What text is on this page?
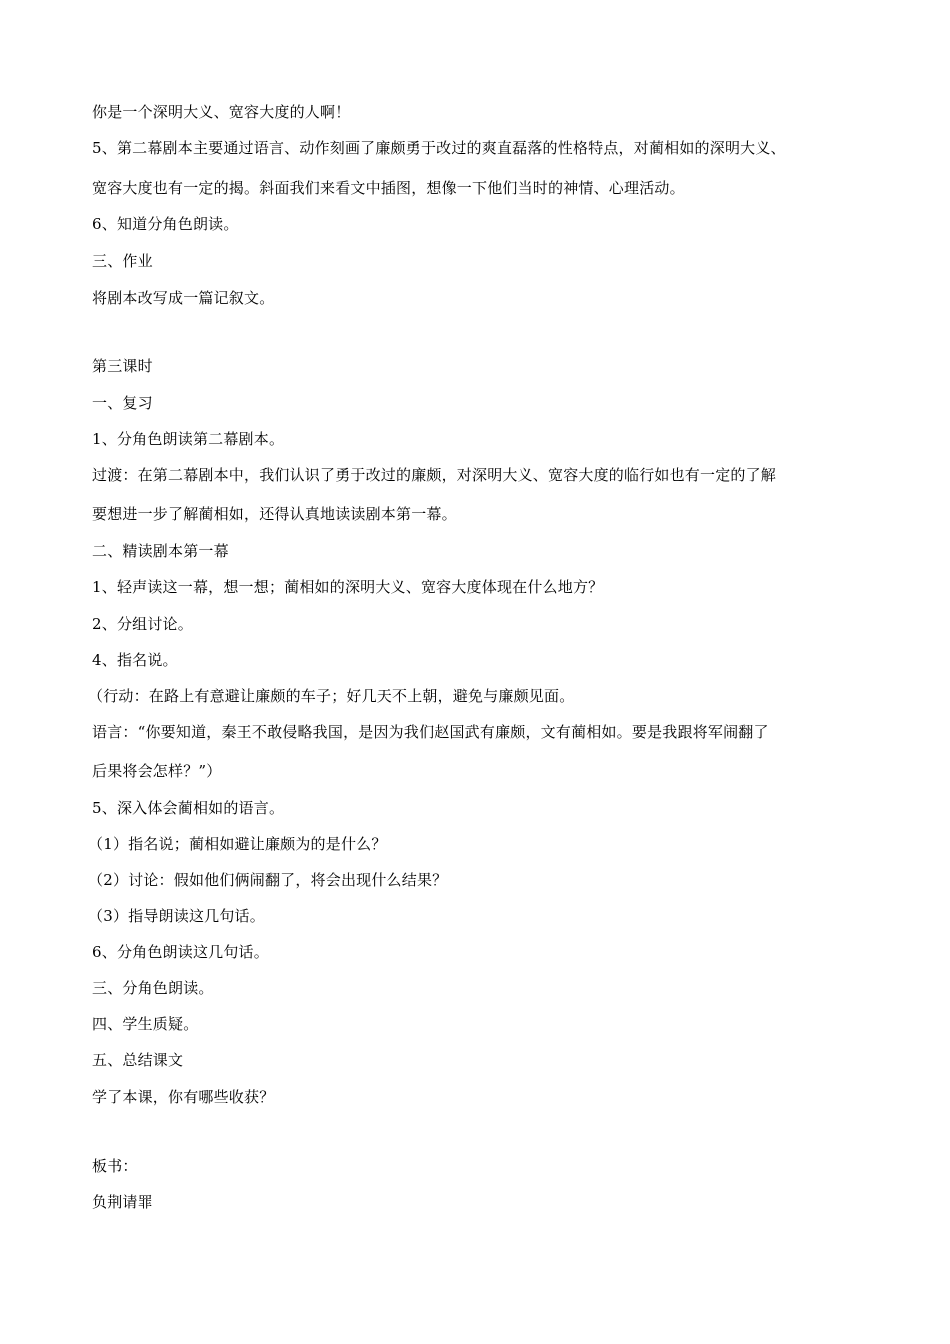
你是一个深明大义、宽容大度的人啊！
5、第二幕剧本主要通过语言、动作刻画了廉颇勇于改过的爽直磊落的性格特点，对蔺相如的深明大义、
宽容大度也有一定的揭。斜面我们来看文中插图，想像一下他们当时的神情、心理活动。
6、知道分角色朗读。
三、作业
将剧本改写成一篇记叙文。
第三课时
一、复习
1、分角色朗读第二幕剧本。
过渡：在第二幕剧本中，我们认识了勇于改过的廉颇，对深明大义、宽容大度的临行如也有一定的了解
要想进一步了解蔺相如，还得认真地读读剧本第一幕。
二、精读剧本第一幕
1、轻声读这一幕，想一想；蔺相如的深明大义、宽容大度体现在什么地方？
2、分组讨论。
4、指名说。
（行动：在路上有意避让廉颇的车子；好几天不上朝，避免与廉颇见面。
语言：“你要知道，秦王不敢侵略我国，是因为我们赵国武有廉颇，文有蔺相如。要是我跟将军闹翻了
后果将会怎样？”）
5、深入体会蔺相如的语言。
（1）指名说；蔺相如避让廉颇为的是什么？
（2）讨论：假如他们俩闹翻了，将会出现什么结果？
（3）指导朗读这几句话。
6、分角色朗读这几句话。
三、分角色朗读。
四、学生质疑。
五、总结课文
学了本课，你有哪些收获？
板书：
负荆请罪
